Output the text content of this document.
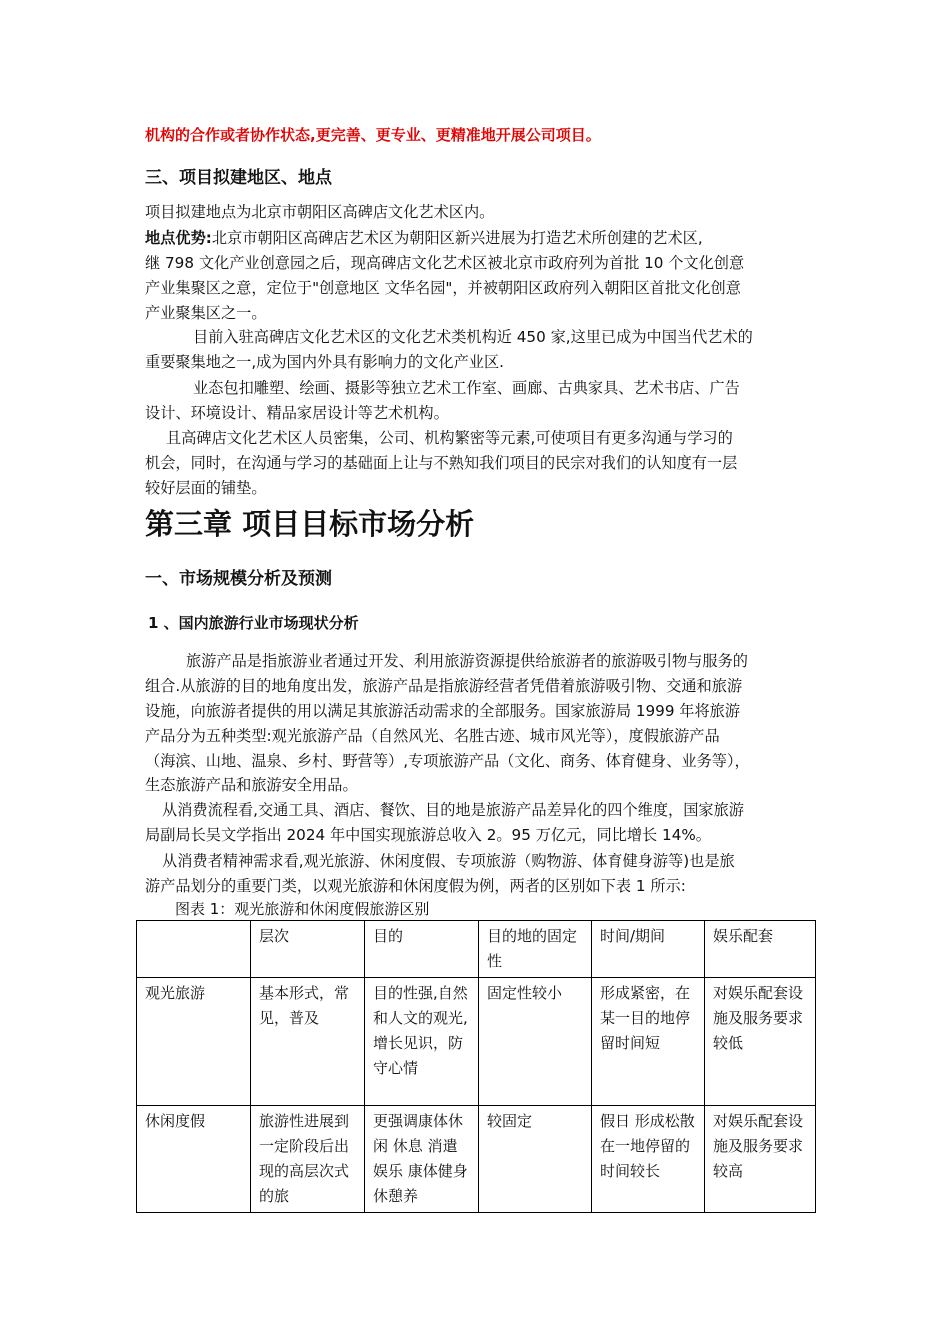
机构的合作或者协作状态,更完善、更专业、更精准地开展公司项目。
三、项目拟建地区、地点
项目拟建地点为北京市朝阳区高碑店文化艺术区内。
地点优势:北京市朝阳区高碑店艺术区为朝阳区新兴进展为打造艺术所创建的艺术区,
继 798 文化产业创意园之后，现高碑店文化艺术区被北京市政府列为首批 10 个文化创意
产业集聚区之意，定位于"创意地区 文华名园"，并被朝阳区政府列入朝阳区首批文化创意
产业聚集区之一。
目前入驻高碑店文化艺术区的文化艺术类机构近 450 家,这里已成为中国当代艺术的
重要聚集地之一,成为国内外具有影响力的文化产业区.
业态包扣雕塑、绘画、摄影等独立艺术工作室、画廊、古典家具、艺术书店、广告
设计、环境设计、精品家居设计等艺术机构。
且高碑店文化艺术区人员密集，公司、机构繁密等元素,可使项目有更多沟通与学习的
机会，同时，在沟通与学习的基础面上让与不熟知我们项目的民宗对我们的认知度有一层
较好层面的铺垫。
第三章 项目目标市场分析
一、市场规模分析及预测
1 、国内旅游行业市场现状分析
旅游产品是指旅游业者通过开发、利用旅游资源提供给旅游者的旅游吸引物与服务的
组合.从旅游的目的地角度出发，旅游产品是指旅游经营者凭借着旅游吸引物、交通和旅游
设施，向旅游者提供的用以满足其旅游活动需求的全部服务。国家旅游局 1999 年将旅游
产品分为五种类型:观光旅游产品（自然风光、名胜古迹、城市风光等），度假旅游产品
（海滨、山地、温泉、乡村、野营等）,专项旅游产品（文化、商务、体育健身、业务等），
生态旅游产品和旅游安全用品。
从消费流程看,交通工具、酒店、餐饮、目的地是旅游产品差异化的四个维度，国家旅游
局副局长吴文学指出 2024 年中国实现旅游总收入 2。95 万亿元，同比增长 14%。
从消费者精神需求看,观光旅游、休闲度假、专项旅游（购物游、体育健身游等)也是旅
游产品划分的重要门类，以观光旅游和休闲度假为例，两者的区别如下表 1 所示:
图表 1：观光旅游和休闲度假旅游区别
	层次	目的	目的地的固定性	时间/期间	娱乐配套
观光旅游	基本形式，常见，普及	目的性强,自然和人文的观光,增长见识，防守心情	固定性较小	形成紧密，在某一目的地停留时间短	对娱乐配套设施及服务要求较低
休闲度假	旅游性进展到一定阶段后出现的高层次式的旅	更强调康体休闲 休息 消遣娱乐 康体健身 休憩养	较固定	假日 形成松散 在一地停留的时间较长	对娱乐配套设施及服务要求较高
